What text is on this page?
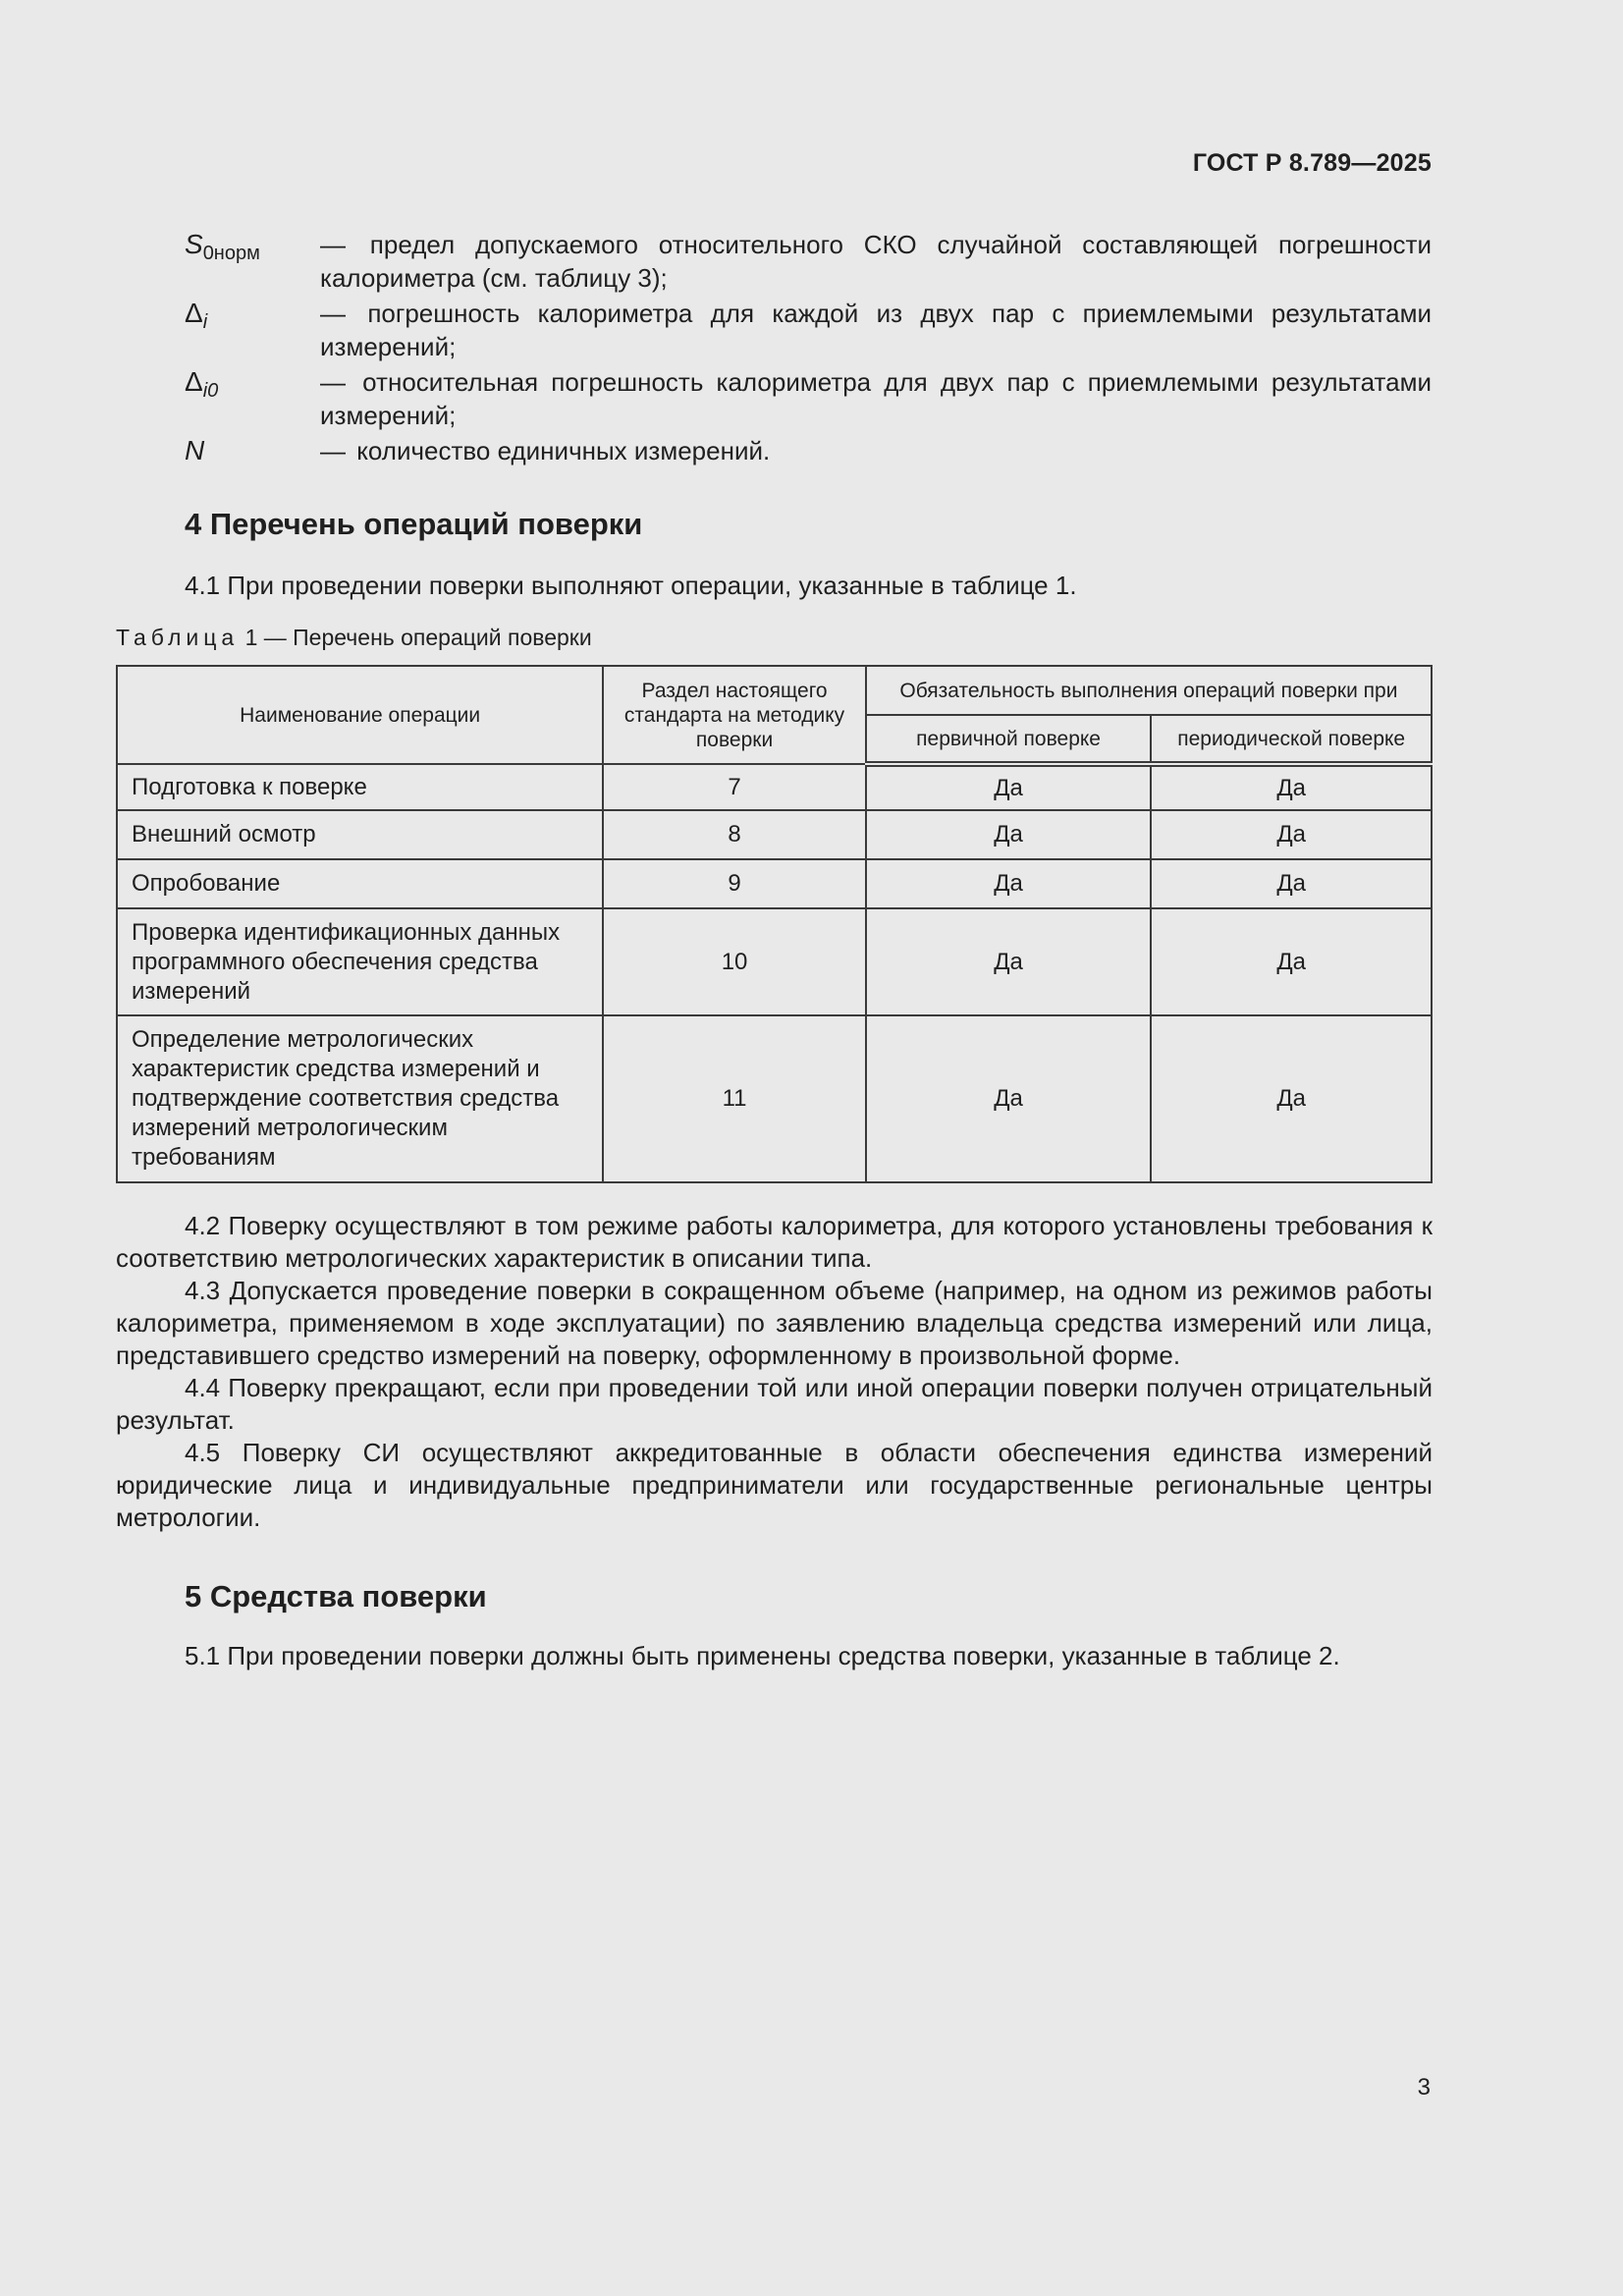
ГОСТ Р 8.789—2025
$S_{0норм}$ — предел допускаемого относительного СКО случайной составляющей погрешности калориметра (см. таблицу 3);
$\Delta_i$	— погрешность калориметра для каждой из двух пар с приемлемыми результатами измерений;
$\Delta_{i0}$	— относительная погрешность калориметра для двух пар с приемлемыми результатами измерений;
N	— количество единичных измерений.
4 Перечень операций поверки
4.1 При проведении поверки выполняют операции, указанные в таблице 1.
Таблица 1 — Перечень операций поверки
Наименование операции	Раздел настоящего стандарта на методику поверки	Обязательность выполнения операций поверки при	
		первичной поверке	периодической поверке
Подготовка к поверке	7	Да	Да
Внешний осмотр	8	Да	Да
Опробование	9	Да	Да
Проверка идентификационных данных программного обеспечения средства измерений	10	Да	Да
Определение метрологических характеристик средства измерений и подтверждение соответствия средства измерений метрологическим требованиям	11	Да	Да

4.2 Поверку осуществляют в том режиме работы калориметра, для которого установлены требования к соответствию метрологических характеристик в описании типа.

4.3 Допускается проведение поверки в сокращенном объеме (например, на одном из режимов работы калориметра, применяемом в ходе эксплуатации) по заявлению владельца средства измерений или лица, представившего средство измерений на поверку, оформленному в произвольной форме.

4.4 Поверку прекращают, если при проведении той или иной операции поверки получен отрицательный результат.

4.5 Поверку СИ осуществляют аккредитованные в области обеспечения единства измерений юридические лица и индивидуальные предприниматели или государственные региональные центры метрологии.

5 Средства поверки
5.1 При проведении поверки должны быть применены средства поверки, указанные в таблице 2.
3
